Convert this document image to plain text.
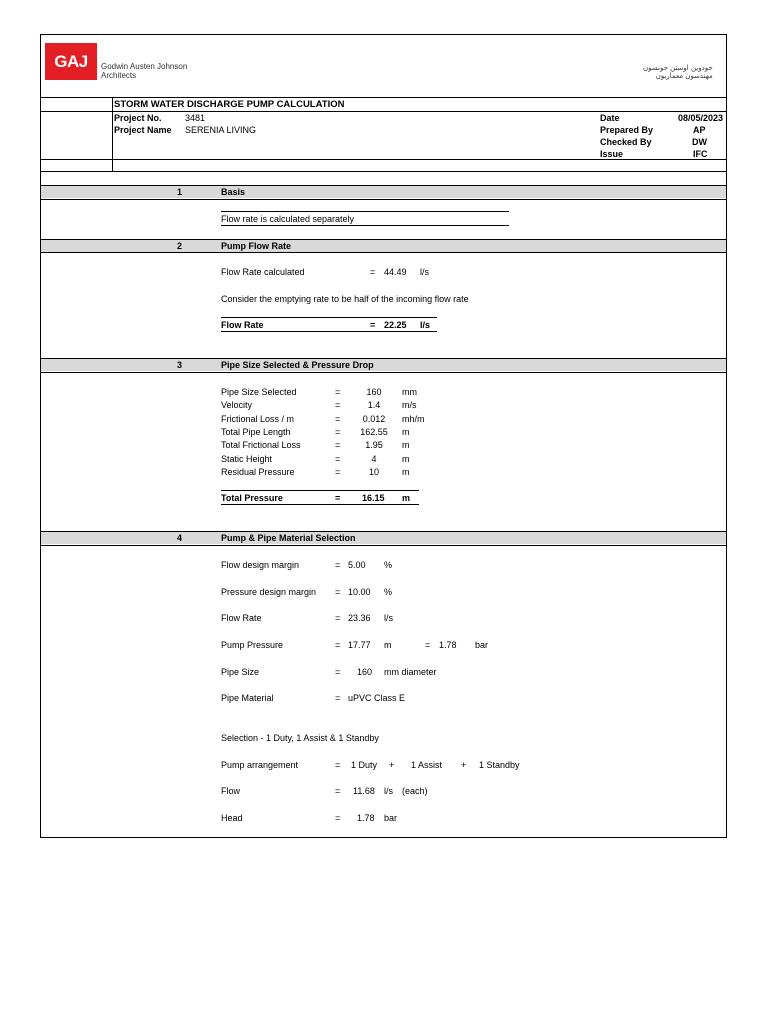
GAJ Godwin Austen Johnson
Architects
جودوين اوستن جونسون
مهندسون معماريون
STORM WATER DISCHARGE PUMP CALCULATION
Project No.	3481
Project Name SERENIA LIVING
Date	08/05/2023
Prepared By	AP
Checked By	DW
Issue	IFC
1	Basis
Flow rate is calculated separately
2	Pump Flow Rate
Flow Rate calculated	= 44.49 l/s
Consider the emptying rate to be half of the incoming flow rate
Flow Rate	= 22.25 l/s
3	Pipe Size Selected & Pressure Drop
Pipe Size Selected	=	160	mm
Velocity	=	1.4	m/s
Frictional Loss / m	=	0.012	mh/m
Total Pipe Length	=	162.55	m
Total Frictional Loss	=	1.95	m
Static Height	=	4	m
Residual Pressure	=	10	m
Total Pressure	= 16.15 m
4	Pump & Pipe Material Selection
Flow design margin	= 5.00 %
Pressure design margin = 10.00 %
Flow Rate	= 23.36 l/s
Pump Pressure	= 17.77 m	= 1.78 bar
Pipe Size	= 160 mm diameter
Pipe Material	= uPVC Class E
Selection - 1 Duty, 1 Assist & 1 Standby
Pump arrangement	= 1 Duty + 1 Assist + 1 Standby
Flow	= 11.68 l/s (each)
Head	= 1.78 bar
